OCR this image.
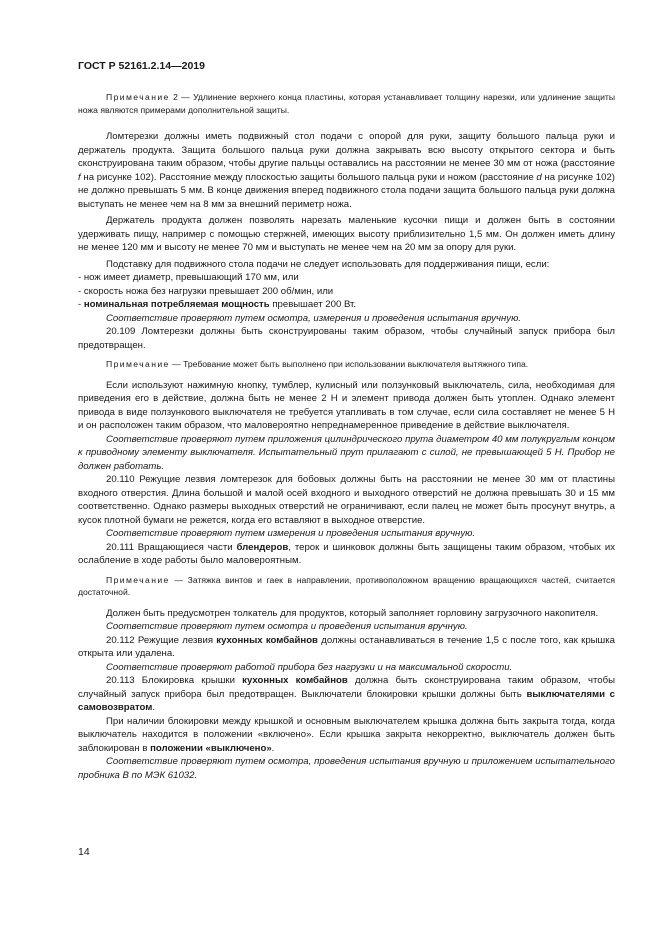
ГОСТ Р 52161.2.14—2019

Примечание 2 — Удлинение верхнего конца пластины, которая устанавливает толщину нарезки, или удлинение защиты ножа являются примерами дополнительной защиты.

Ломтерезки должны иметь подвижный стол подачи с опорой для руки, защиту большого пальца руки и держатель продукта. Защита большого пальца руки должна закрывать всю высоту открытого сектора и быть сконструирована таким образом, чтобы другие пальцы оставались на расстоянии не менее 30 мм от ножа (расстояние f на рисунке 102). Расстояние между плоскостью защиты большого пальца руки и ножом (расстояние d на рисунке 102) не должно превышать 5 мм. В конце движения вперед подвижного стола подачи защита большого пальца руки должна выступать не менее чем на 8 мм за внешний периметр ножа.

Держатель продукта должен позволять нарезать маленькие кусочки пищи и должен быть в состоянии удерживать пищу, например с помощью стержней, имеющих высоту приблизительно 1,5 мм. Он должен иметь длину не менее 120 мм и высоту не менее 70 мм и выступать не менее чем на 20 мм за опору для руки.

Подставку для подвижного стола подачи не следует использовать для поддерживания пищи, если:

- нож имеет диаметр, превышающий 170 мм, или

- скорость ножа без нагрузки превышает 200 об/мин, или

- номинальная потребляемая мощность превышает 200 Вт.

Соответствие проверяют путем осмотра, измерения и проведения испытания вручную.

20.109 Ломтерезки должны быть сконструированы таким образом, чтобы случайный запуск прибора был предотвращен.

Примечание — Требование может быть выполнено при использовании выключателя вытяжного типа.

Если используют нажимную кнопку, тумблер, кулисный или ползунковый выключатель, сила, необходимая для приведения его в действие, должна быть не менее 2 Н и элемент привода должен быть утоплен. Однако элемент привода в виде ползункового выключателя не требуется утапливать в том случае, если сила составляет не менее 5 Н и он расположен таким образом, что маловероятно непреднамеренное приведение в действие выключателя.

Соответствие проверяют путем приложения цилиндрического прута диаметром 40 мм полукруглым концом к приводному элементу выключателя. Испытательный прут прилагают с силой, не превышающей 5 Н. Прибор не должен работать.

20.110 Режущие лезвия ломтерезок для бобовых должны быть на расстоянии не менее 30 мм от пластины входного отверстия. Длина большой и малой осей входного и выходного отверстий не должна превышать 30 и 15 мм соответственно. Однако размеры выходных отверстий не ограничивают, если палец не может быть просунут внутрь, а кусок плотной бумаги не режется, когда его вставляют в выходное отверстие.

Соответствие проверяют путем измерения и проведения испытания вручную.

20.111 Вращающиеся части блендеров, терок и шинковок должны быть защищены таким образом, чтобых их ослабление в ходе работы было маловероятным.

Примечание — Затяжка винтов и гаек в направлении, противоположном вращению вращающихся частей, считается достаточной.

Должен быть предусмотрен толкатель для продуктов, который заполняет горловину загрузочного накопителя.

Соответствие проверяют путем осмотра и проведения испытания вручную.

20.112 Режущие лезвия кухонных комбайнов должны останавливаться в течение 1,5 с после того, как крышка открыта или удалена.

Соответствие проверяют работой прибора без нагрузки и на максимальной скорости.

20.113 Блокировка крышки кухонных комбайнов должна быть сконструирована таким образом, чтобы случайный запуск прибора был предотвращен. Выключатели блокировки крышки должны быть выключателями с самовозвратом.

При наличии блокировки между крышкой и основным выключателем крышка должна быть закрыта тогда, когда выключатель находится в положении «включено». Если крышка закрыта некорректно, выключатель должен быть заблокирован в положении «выключено».

Соответствие проверяют путем осмотра, проведения испытания вручную и приложением испытательного пробника В по МЭК 61032.

14
